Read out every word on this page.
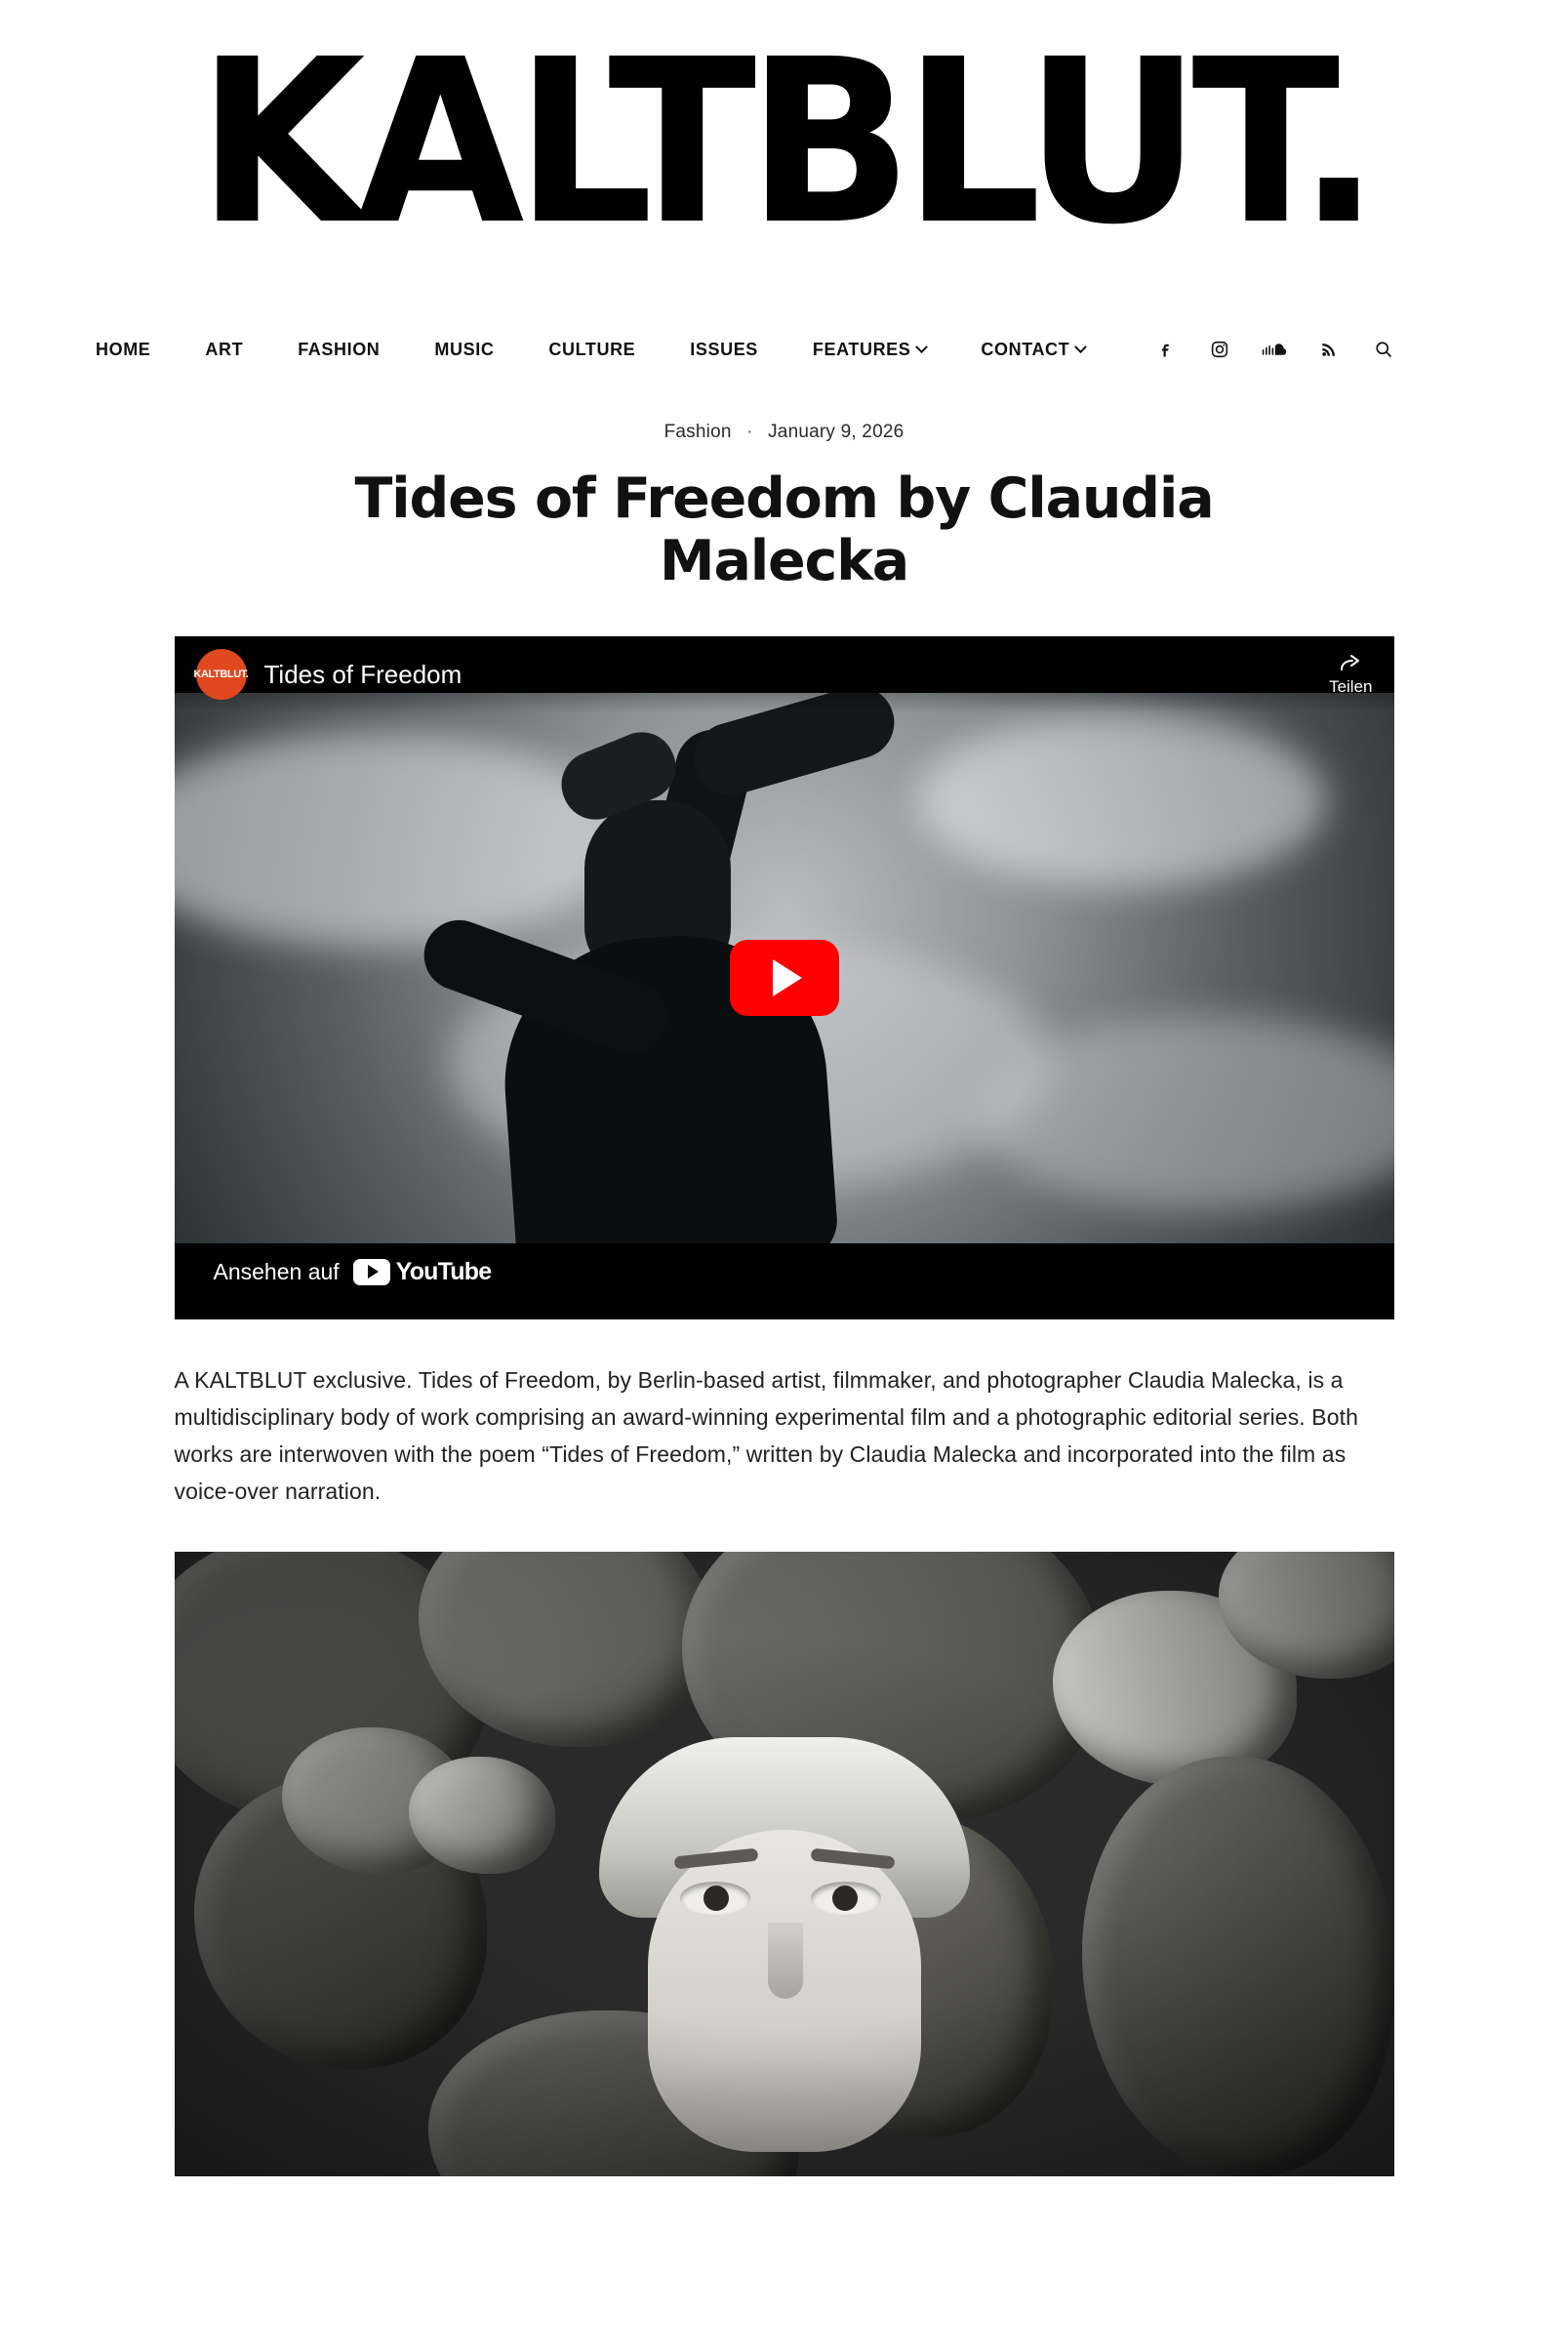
KALTBLUT.
HOME	ART	FASHION	MUSIC	CULTURE	ISSUES	FEATURES	CONTACT
Fashion · January 9, 2026
Tides of Freedom by Claudia Malecka
KALTBLUT. Tides of Freedom	Teilen
Ansehen auf YouTube

A KALTBLUT exclusive. Tides of Freedom, by Berlin-based artist, filmmaker, and photographer Claudia Malecka, is a multidisciplinary body of work comprising an award-winning experimental film and a photographic editorial series. Both works are interwoven with the poem “Tides of Freedom,” written by Claudia Malecka and incorporated into the film as voice-over narration.
